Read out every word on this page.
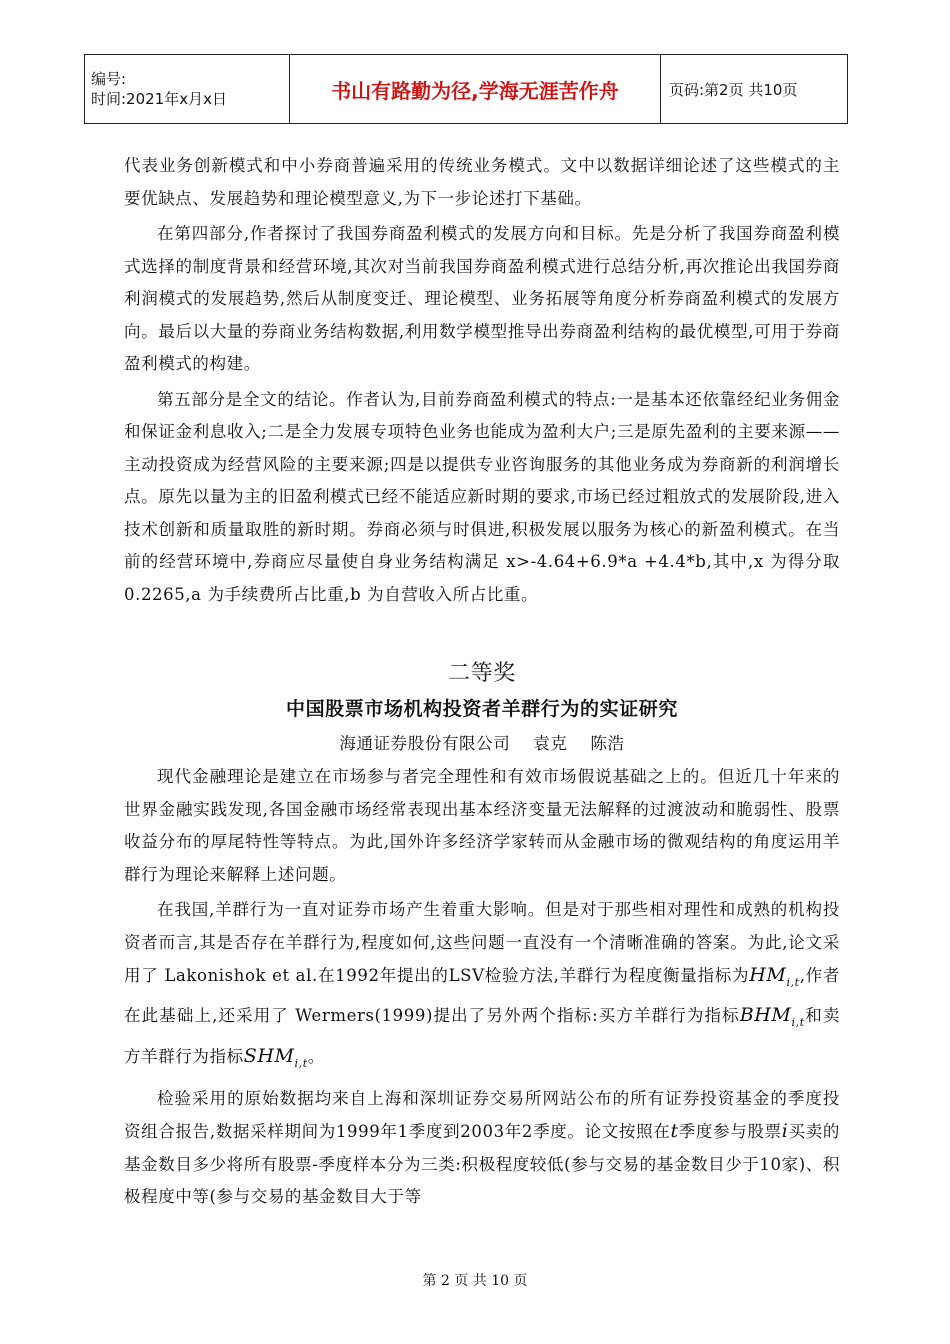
编号:
时间:2021年x月x日	书山有路勤为径,学海无涯苦作舟	页码:第2页 共10页

代表业务创新模式和中小券商普遍采用的传统业务模式。文中以数据详细论述了这些模式的主要优缺点、发展趋势和理论模型意义,为下一步论述打下基础。

在第四部分,作者探讨了我国券商盈利模式的发展方向和目标。先是分析了我国券商盈利模式选择的制度背景和经营环境,其次对当前我国券商盈利模式进行总结分析,再次推论出我国券商利润模式的发展趋势,然后从制度变迁、理论模型、业务拓展等角度分析券商盈利模式的发展方向。最后以大量的券商业务结构数据,利用数学模型推导出券商盈利结构的最优模型,可用于券商盈利模式的构建。

第五部分是全文的结论。作者认为,目前券商盈利模式的特点:一是基本还依靠经纪业务佣金和保证金利息收入;二是全力发展专项特色业务也能成为盈利大户;三是原先盈利的主要来源——主动投资成为经营风险的主要来源;四是以提供专业咨询服务的其他业务成为券商新的利润增长点。原先以量为主的旧盈利模式已经不能适应新时期的要求,市场已经过粗放式的发展阶段,进入技术创新和质量取胜的新时期。券商必须与时俱进,积极发展以服务为核心的新盈利模式。在当前的经营环境中,券商应尽量使自身业务结构满足 x>-4.64+6.9*a +4.4*b,其中,x 为得分取0.2265,a 为手续费所占比重,b 为自营收入所占比重。

二等奖
中国股票市场机构投资者羊群行为的实证研究
海通证券股份有限公司　 袁克　 陈浩

现代金融理论是建立在市场参与者完全理性和有效市场假说基础之上的。但近几十年来的世界金融实践发现,各国金融市场经常表现出基本经济变量无法解释的过渡波动和脆弱性、股票收益分布的厚尾特性等特点。为此,国外许多经济学家转而从金融市场的微观结构的角度运用羊群行为理论来解释上述问题。

在我国,羊群行为一直对证券市场产生着重大影响。但是对于那些相对理性和成熟的机构投资者而言,其是否存在羊群行为,程度如何,这些问题一直没有一个清晰准确的答案。为此,论文采用了 Lakonishok et al.在1992年提出的LSV检验方法,羊群行为程度衡量指标为$HM_{i,t}$,作者在此基础上,还采用了 Wermers(1999)提出了另外两个指标:买方羊群行为指标$BHM_{i,t}$和卖方羊群行为指标$SHM_{i,t}$。

检验采用的原始数据均来自上海和深圳证券交易所网站公布的所有证券投资基金的季度投资组合报告,数据采样期间为1999年1季度到2003年2季度。论文按照在t季度参与股票i买卖的基金数目多少将所有股票-季度样本分为三类:积极程度较低(参与交易的基金数目少于10家)、积极程度中等(参与交易的基金数目大于等

第 2 页 共 10 页
